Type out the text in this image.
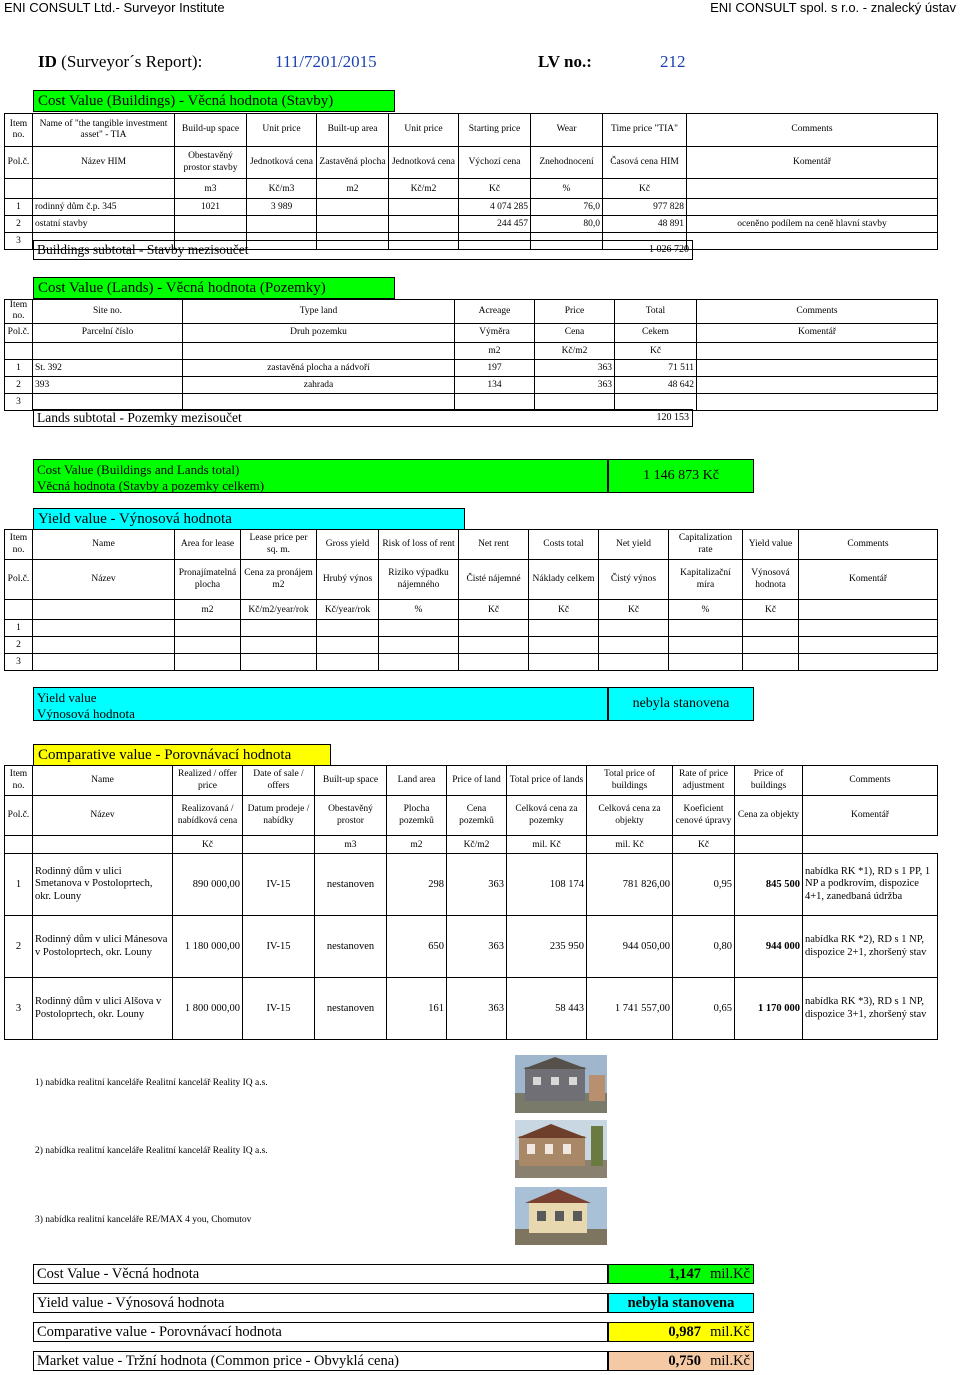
ENI CONSULT Ltd.- Surveyor Institute	ENI CONSULT spol. s r.o. - znalecký ústav
ID (Surveyor´s Report):	111/7201/2015	LV no.:	212
Cost Value (Buildings) - Věcná hodnota (Stavby)
Item no.	Name of "the tangible investment asset" - TIA	Build-up space	Unit price	Built-up area	Unit price	Starting price	Wear	Time price "TIA"	Comments
Pol.č.	Název HIM	Obestavěný prostor stavby	Jednotková cena	Zastavěná plocha	Jednotková cena	Výchozí cena	Znehodnocení	Časová cena HIM	Komentář
		m3	Kč/m3	m2	Kč/m2	Kč	%	Kč	
1	rodinný dům č.p. 345	1021	3 989			4 074 285	76,0	977 828	
2	ostatní stavby					244 457	80,0	48 891	oceněno podílem na ceně hlavní stavby
3									
Buildings subtotal - Stavby mezisoučet	1 026 720
Cost Value (Lands) - Věcná hodnota (Pozemky)
Item no.	Site no.	Type land	Acreage	Price	Total	Comments
Pol.č.	Parcelní číslo	Druh pozemku	Výměra	Cena	Cekem	Komentář
			m2	Kč/m2	Kč	
1	St. 392	zastavěná plocha a nádvoří	197	363	71 511	
2	393	zahrada	134	363	48 642	
3						
Lands subtotal - Pozemky mezisoučet	120 153
Cost Value (Buildings and Lands total)
Věcná hodnota (Stavby a pozemky celkem)
1 146 873 Kč
Yield value - Výnosová hodnota
Item no.	Name	Area for lease	Lease price per sq. m.	Gross yield	Risk of loss of rent	Net rent	Costs total	Net yield	Capitalization rate	Yield value	Comments
Pol.č.	Název	Pronajímatelná plocha	Cena za pronájem m2	Hrubý výnos	Riziko výpadku nájemného	Čisté nájemné	Náklady celkem	Čistý výnos	Kapitalizační míra	Výnosová hodnota	Komentář
		m2	Kč/m2/year/rok	Kč/year/rok	%	Kč	Kč	Kč	%	Kč	
1											
2											
3											
Yield value
Výnosová hodnota
nebyla stanovena
Comparative value - Porovnávací hodnota
Item no.	Name	Realized / offer price	Date of sale / offers	Built-up space	Land area	Price of land	Total price of lands	Total price of buildings	Rate of price adjustment	Price of buildings	Comments
Pol.č.	Název	Realizovaná / nabídková cena	Datum prodeje / nabídky	Obestavěný prostor	Plocha pozemků	Cena pozemků	Celková cena za pozemky	Celková cena za objekty	Koeficient cenové úpravy	Cena za objekty	Komentář
		Kč		m3	m2	Kč/m2	mil. Kč	mil. Kč	Kč		
1	Rodinný dům v ulici Smetanova v Postoloprtech, okr. Louny	890 000,00	IV-15	nestanoven	298	363	108 174	781 826,00	0,95	845 500	nabídka RK *1), RD s 1 PP, 1 NP a podkrovím, dispozice 4+1, zanedbaná údržba
2	Rodinný dům v ulici Mánesova v Postoloprtech, okr. Louny	1 180 000,00	IV-15	nestanoven	650	363	235 950	944 050,00	0,80	944 000	nabídka RK *2), RD s 1 NP, dispozice 2+1, zhoršený stav
3	Rodinný dům v ulici Alšova v Postoloprtech, okr. Louny	1 800 000,00	IV-15	nestanoven	161	363	58 443	1 741 557,00	0,65	1 170 000	nabídka RK *3), RD s 1 NP, dispozice 3+1, zhoršený stav
1) nabídka realitní kanceláře Realitní kancelář Reality IQ a.s.
2) nabídka realitní kanceláře Realitní kancelář Reality IQ a.s.
3) nabídka realitní kanceláře RE/MAX 4 you, Chomutov
Cost Value - Věcná hodnota	1,147 mil.Kč
Yield value - Výnosová hodnota	nebyla stanovena
Comparative value - Porovnávací hodnota	0,987 mil.Kč
Market value - Tržní hodnota (Common price - Obvyklá cena)	0,750 mil.Kč
